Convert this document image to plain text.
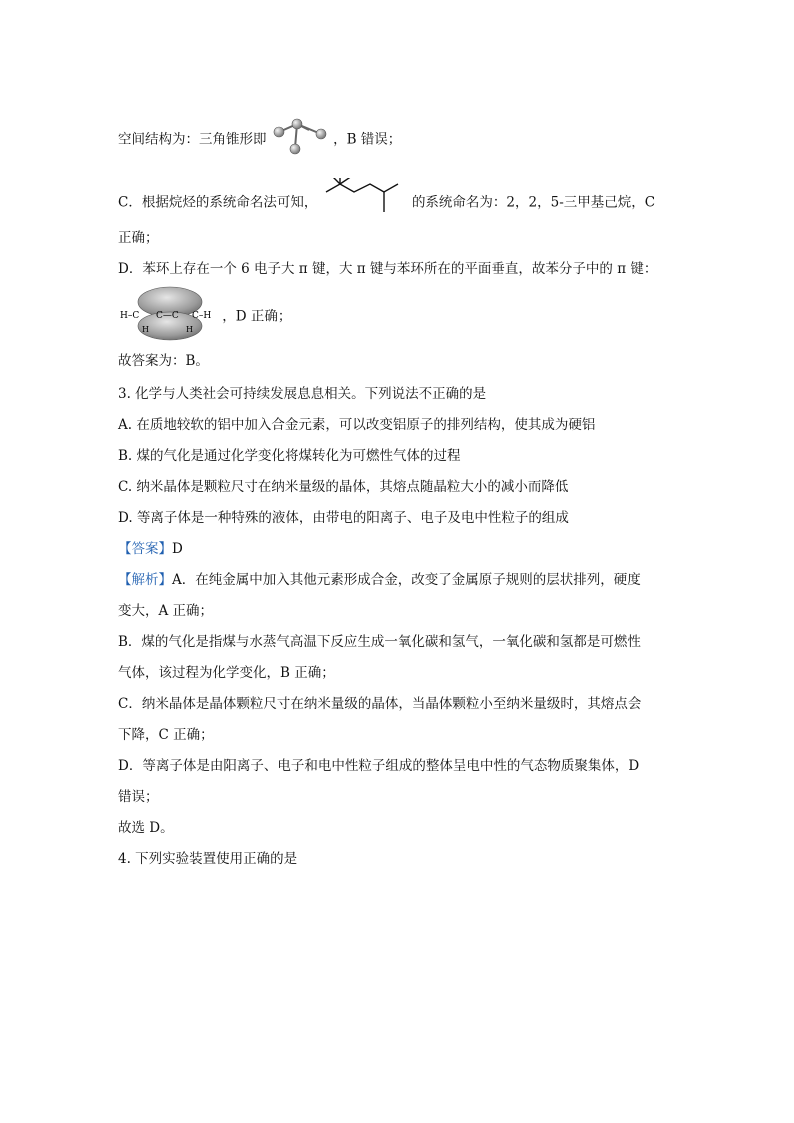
空间结构为：三角锥形即	，B 错误；
C．根据烷烃的系统命名法可知，	的系统命名为：2，2，5-三甲基己烷，C
正确；
D．苯环上存在一个 6 电子大 π 键，大 π 键与苯环所在的平面垂直，故苯分子中的 π 键：
H–C C—C C–H
H	H
，D 正确；
故答案为：B。
3. 化学与人类社会可持续发展息息相关。下列说法不正确的是
A. 在质地较软的铝中加入合金元素，可以改变铝原子的排列结构，使其成为硬铝
B. 煤的气化是通过化学变化将煤转化为可燃性气体的过程
C. 纳米晶体是颗粒尺寸在纳米量级的晶体，其熔点随晶粒大小的减小而降低
D. 等离子体是一种特殊的液体，由带电的阳离子、电子及电中性粒子的组成
【答案】D
【解析】A．在纯金属中加入其他元素形成合金，改变了金属原子规则的层状排列，硬度
变大，A 正确；
B．煤的气化是指煤与水蒸气高温下反应生成一氧化碳和氢气，一氧化碳和氢都是可燃性
气体，该过程为化学变化，B 正确；
C．纳米晶体是晶体颗粒尺寸在纳米量级的晶体，当晶体颗粒小至纳米量级时，其熔点会
下降，C 正确；
D．等离子体是由阳离子、电子和电中性粒子组成的整体呈电中性的气态物质聚集体，D
错误；
故选 D。
4. 下列实验装置使用正确的是
